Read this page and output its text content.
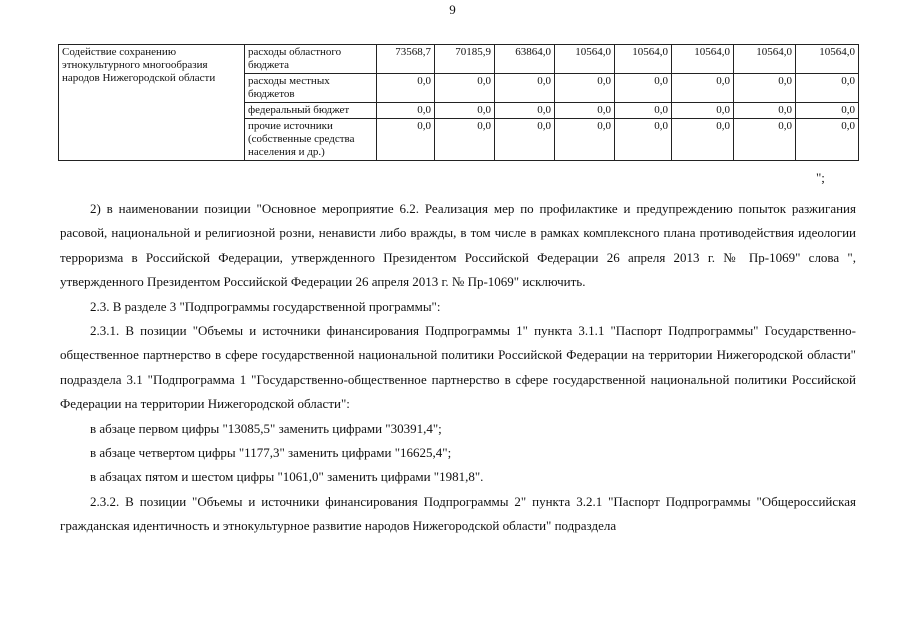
9
Содействие сохранению этнокультурного многообразия народов Нижегородской области	расходы областного бюджета	73568,7	70185,9	63864,0	10564,0	10564,0	10564,0	10564,0	10564,0
	расходы местных бюджетов	0,0	0,0	0,0	0,0	0,0	0,0	0,0	0,0
	федеральный бюджет	0,0	0,0	0,0	0,0	0,0	0,0	0,0	0,0
	прочие источники (собственные средства населения и др.)	0,0	0,0	0,0	0,0	0,0	0,0	0,0	0,0
";

2) в наименовании позиции "Основное мероприятие 6.2. Реализация мер по профилактике и предупреждению попыток разжигания расовой, национальной и религиозной розни, ненависти либо вражды, в том числе в рамках комплексного плана противодействия идеологии терроризма в Российской Федерации, утвержденного Президентом Российской Федерации 26 апреля 2013 г. № Пр-1069" слова ", утвержденного Президентом Российской Федерации 26 апреля 2013 г. № Пр-1069" исключить.

2.3. В разделе 3 "Подпрограммы государственной программы":

2.3.1. В позиции "Объемы и источники финансирования Подпрограммы 1" пункта 3.1.1 "Паспорт Подпрограммы" Государственно-общественное партнерство в сфере государственной национальной политики Российской Федерации на территории Нижегородской области" подраздела 3.1 "Подпрограмма 1 "Государственно-общественное партнерство в сфере государственной национальной политики Российской Федерации на территории Нижегородской области":

в абзаце первом цифры "13085,5" заменить цифрами "30391,4";

в абзаце четвертом цифры "1177,3" заменить цифрами "16625,4";

в абзацах пятом и шестом цифры "1061,0" заменить цифрами "1981,8".

2.3.2. В позиции "Объемы и источники финансирования Подпрограммы 2" пункта 3.2.1 "Паспорт Подпрограммы "Общероссийская гражданская идентичность и этнокультурное развитие народов Нижегородской области" подраздела
